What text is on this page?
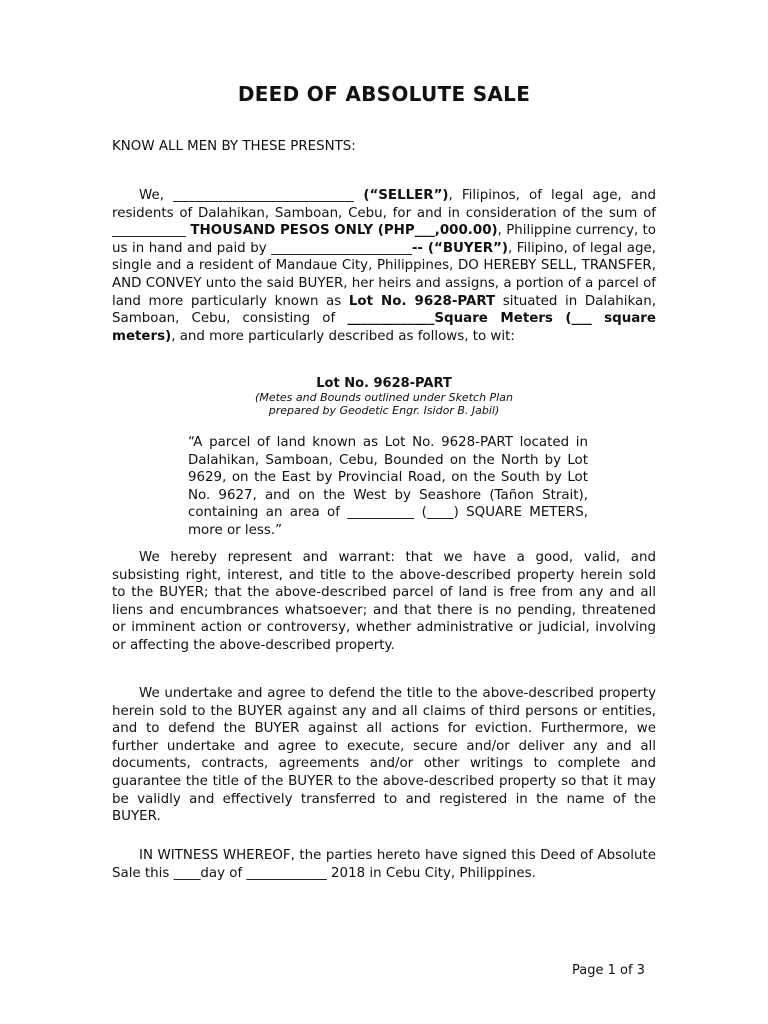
DEED OF ABSOLUTE SALE
KNOW ALL MEN BY THESE PRESNTS:
We, ___________________________ (“SELLER”), Filipinos, of legal age, and residents of Dalahikan, Samboan, Cebu, for and in consideration of the sum of ___________ THOUSAND PESOS ONLY (PHP___,000.00), Philippine currency, to us in hand and paid by _____________________-- (“BUYER”), Filipino, of legal age, single and a resident of Mandaue City, Philippines, DO HEREBY SELL, TRANSFER, AND CONVEY unto the said BUYER, her heirs and assigns, a portion of a parcel of land more particularly known as Lot No. 9628-PART situated in Dalahikan, Samboan, Cebu, consisting of _____________Square Meters (___ square meters), and more particularly described as follows, to wit:
Lot No. 9628-PART
(Metes and Bounds outlined under Sketch Plan
prepared by Geodetic Engr. Isidor B. Jabil)
“A parcel of land known as Lot No. 9628-PART located in Dalahikan, Samboan, Cebu, Bounded on the North by Lot 9629, on the East by Provincial Road, on the South by Lot No. 9627, and on the West by Seashore (Tañon Strait), containing an area of __________ (____) SQUARE METERS, more or less.”
We hereby represent and warrant: that we have a good, valid, and subsisting right, interest, and title to the above-described property herein sold to the BUYER; that the above-described parcel of land is free from any and all liens and encumbrances whatsoever; and that there is no pending, threatened or imminent action or controversy, whether administrative or judicial, involving or affecting the above-described property.
We undertake and agree to defend the title to the above-described property herein sold to the BUYER against any and all claims of third persons or entities, and to defend the BUYER against all actions for eviction. Furthermore, we further undertake and agree to execute, secure and/or deliver any and all documents, contracts, agreements and/or other writings to complete and guarantee the title of the BUYER to the above-described property so that it may be validly and effectively transferred to and registered in the name of the BUYER.
IN WITNESS WHEREOF, the parties hereto have signed this Deed of Absolute Sale this ____day of ____________ 2018 in Cebu City, Philippines.
Page 1 of 3
